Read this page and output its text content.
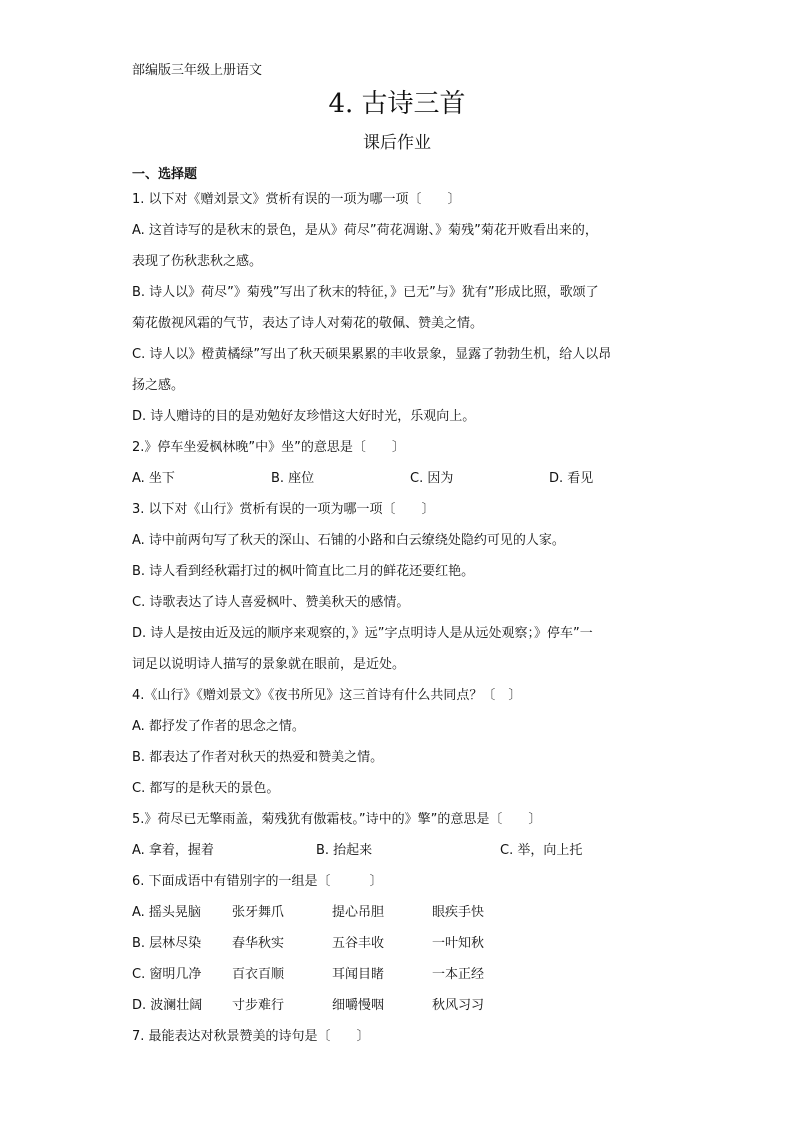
部编版三年级上册语文
4. 古诗三首
课后作业
一、选择题
1. 以下对《赠刘景文》赏析有误的一项为哪一项〔　　〕
A. 这首诗写的是秋末的景色，是从》荷尽”荷花凋谢、》菊残”菊花开败看出来的，
表现了伤秋悲秋之感。
B. 诗人以》荷尽”》菊残”写出了秋末的特征，》已无”与》犹有”形成比照，歌颂了
菊花傲视风霜的气节，表达了诗人对菊花的敬佩、赞美之情。
C. 诗人以》橙黄橘绿”写出了秋天硕果累累的丰收景象，显露了勃勃生机，给人以昂
扬之感。
D. 诗人赠诗的目的是劝勉好友珍惜这大好时光，乐观向上。
2.》停车坐爱枫林晚”中》坐”的意思是〔　　〕
A. 坐下	B. 座位	C. 因为	D. 看见
3. 以下对《山行》赏析有误的一项为哪一项〔　　〕
A. 诗中前两句写了秋天的深山、石铺的小路和白云缭绕处隐约可见的人家。
B. 诗人看到经秋霜打过的枫叶简直比二月的鲜花还要红艳。
C. 诗歌表达了诗人喜爱枫叶、赞美秋天的感情。
D. 诗人是按由近及远的顺序来观察的，》远”字点明诗人是从远处观察；》停车”一
词足以说明诗人描写的景象就在眼前，是近处。
4.《山行》《赠刘景文》《夜书所见》这三首诗有什么共同点？〔　〕
A. 都抒发了作者的思念之情。
B. 都表达了作者对秋天的热爱和赞美之情。
C. 都写的是秋天的景色。
5.》荷尽已无擎雨盖，菊残犹有傲霜枝。”诗中的》擎”的意思是〔　　〕
A. 拿着，握着	B. 抬起来	C. 举，向上托
6. 下面成语中有错别字的一组是〔　　　〕
A. 摇头晃脑	张牙舞爪	提心吊胆	眼疾手快
B. 层林尽染	春华秋实	五谷丰收	一叶知秋
C. 窗明几净	百衣百顺	耳闻目睹	一本正经
D. 波澜壮阔	寸步难行	细嚼慢咽	秋风习习
7. 最能表达对秋景赞美的诗句是〔　　〕
